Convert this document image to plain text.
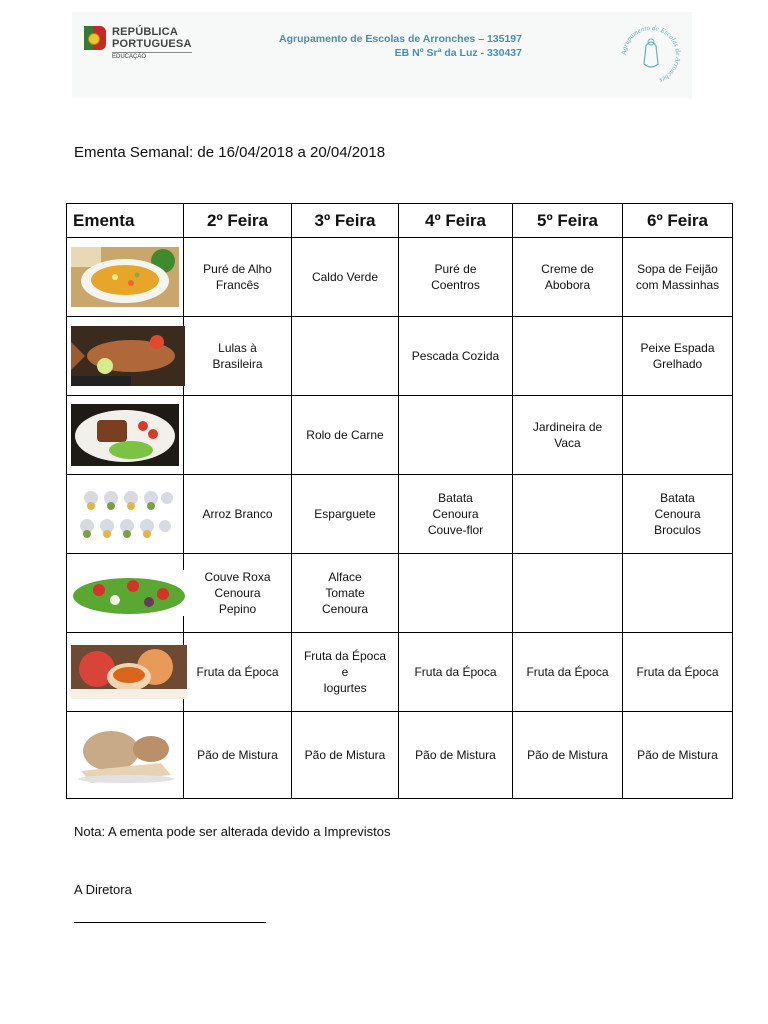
REPÚBLICA
PORTUGUESA
EDUCAÇÃO
Agrupamento de Escolas de Arronches – 135197
EB Nº Srª da Luz - 330437	Agrupamento de Escolas de Arronches
Ementa Semanal: de 16/04/2018 a 20/04/2018
Ementa	2º Feira	3º Feira	4º Feira	5º Feira	6º Feira

	Puré de Alho
Francês	Caldo Verde	Puré de
Coentros	Creme de
Abobora	Sopa de Feijão
com Massinhas

	Lulas à
Brasileira		Pescada Cozida		Peixe Espada
Grelhado

		Rolo de Carne		Jardineira de
Vaca	

	Arroz Branco	Esparguete	Batata
Cenoura
Couve-flor		Batata
Cenoura
Broculos

	Couve Roxa
Cenoura
Pepino	Alface
Tomate
Cenoura			

	Fruta da Época	Fruta da Época
e
Iogurtes	Fruta da Época	Fruta da Época	Fruta da Época

	Pão de Mistura	Pão de Mistura	Pão de Mistura	Pão de Mistura	Pão de Mistura
Nota: A ementa pode ser alterada devido a Imprevistos
A Diretora
